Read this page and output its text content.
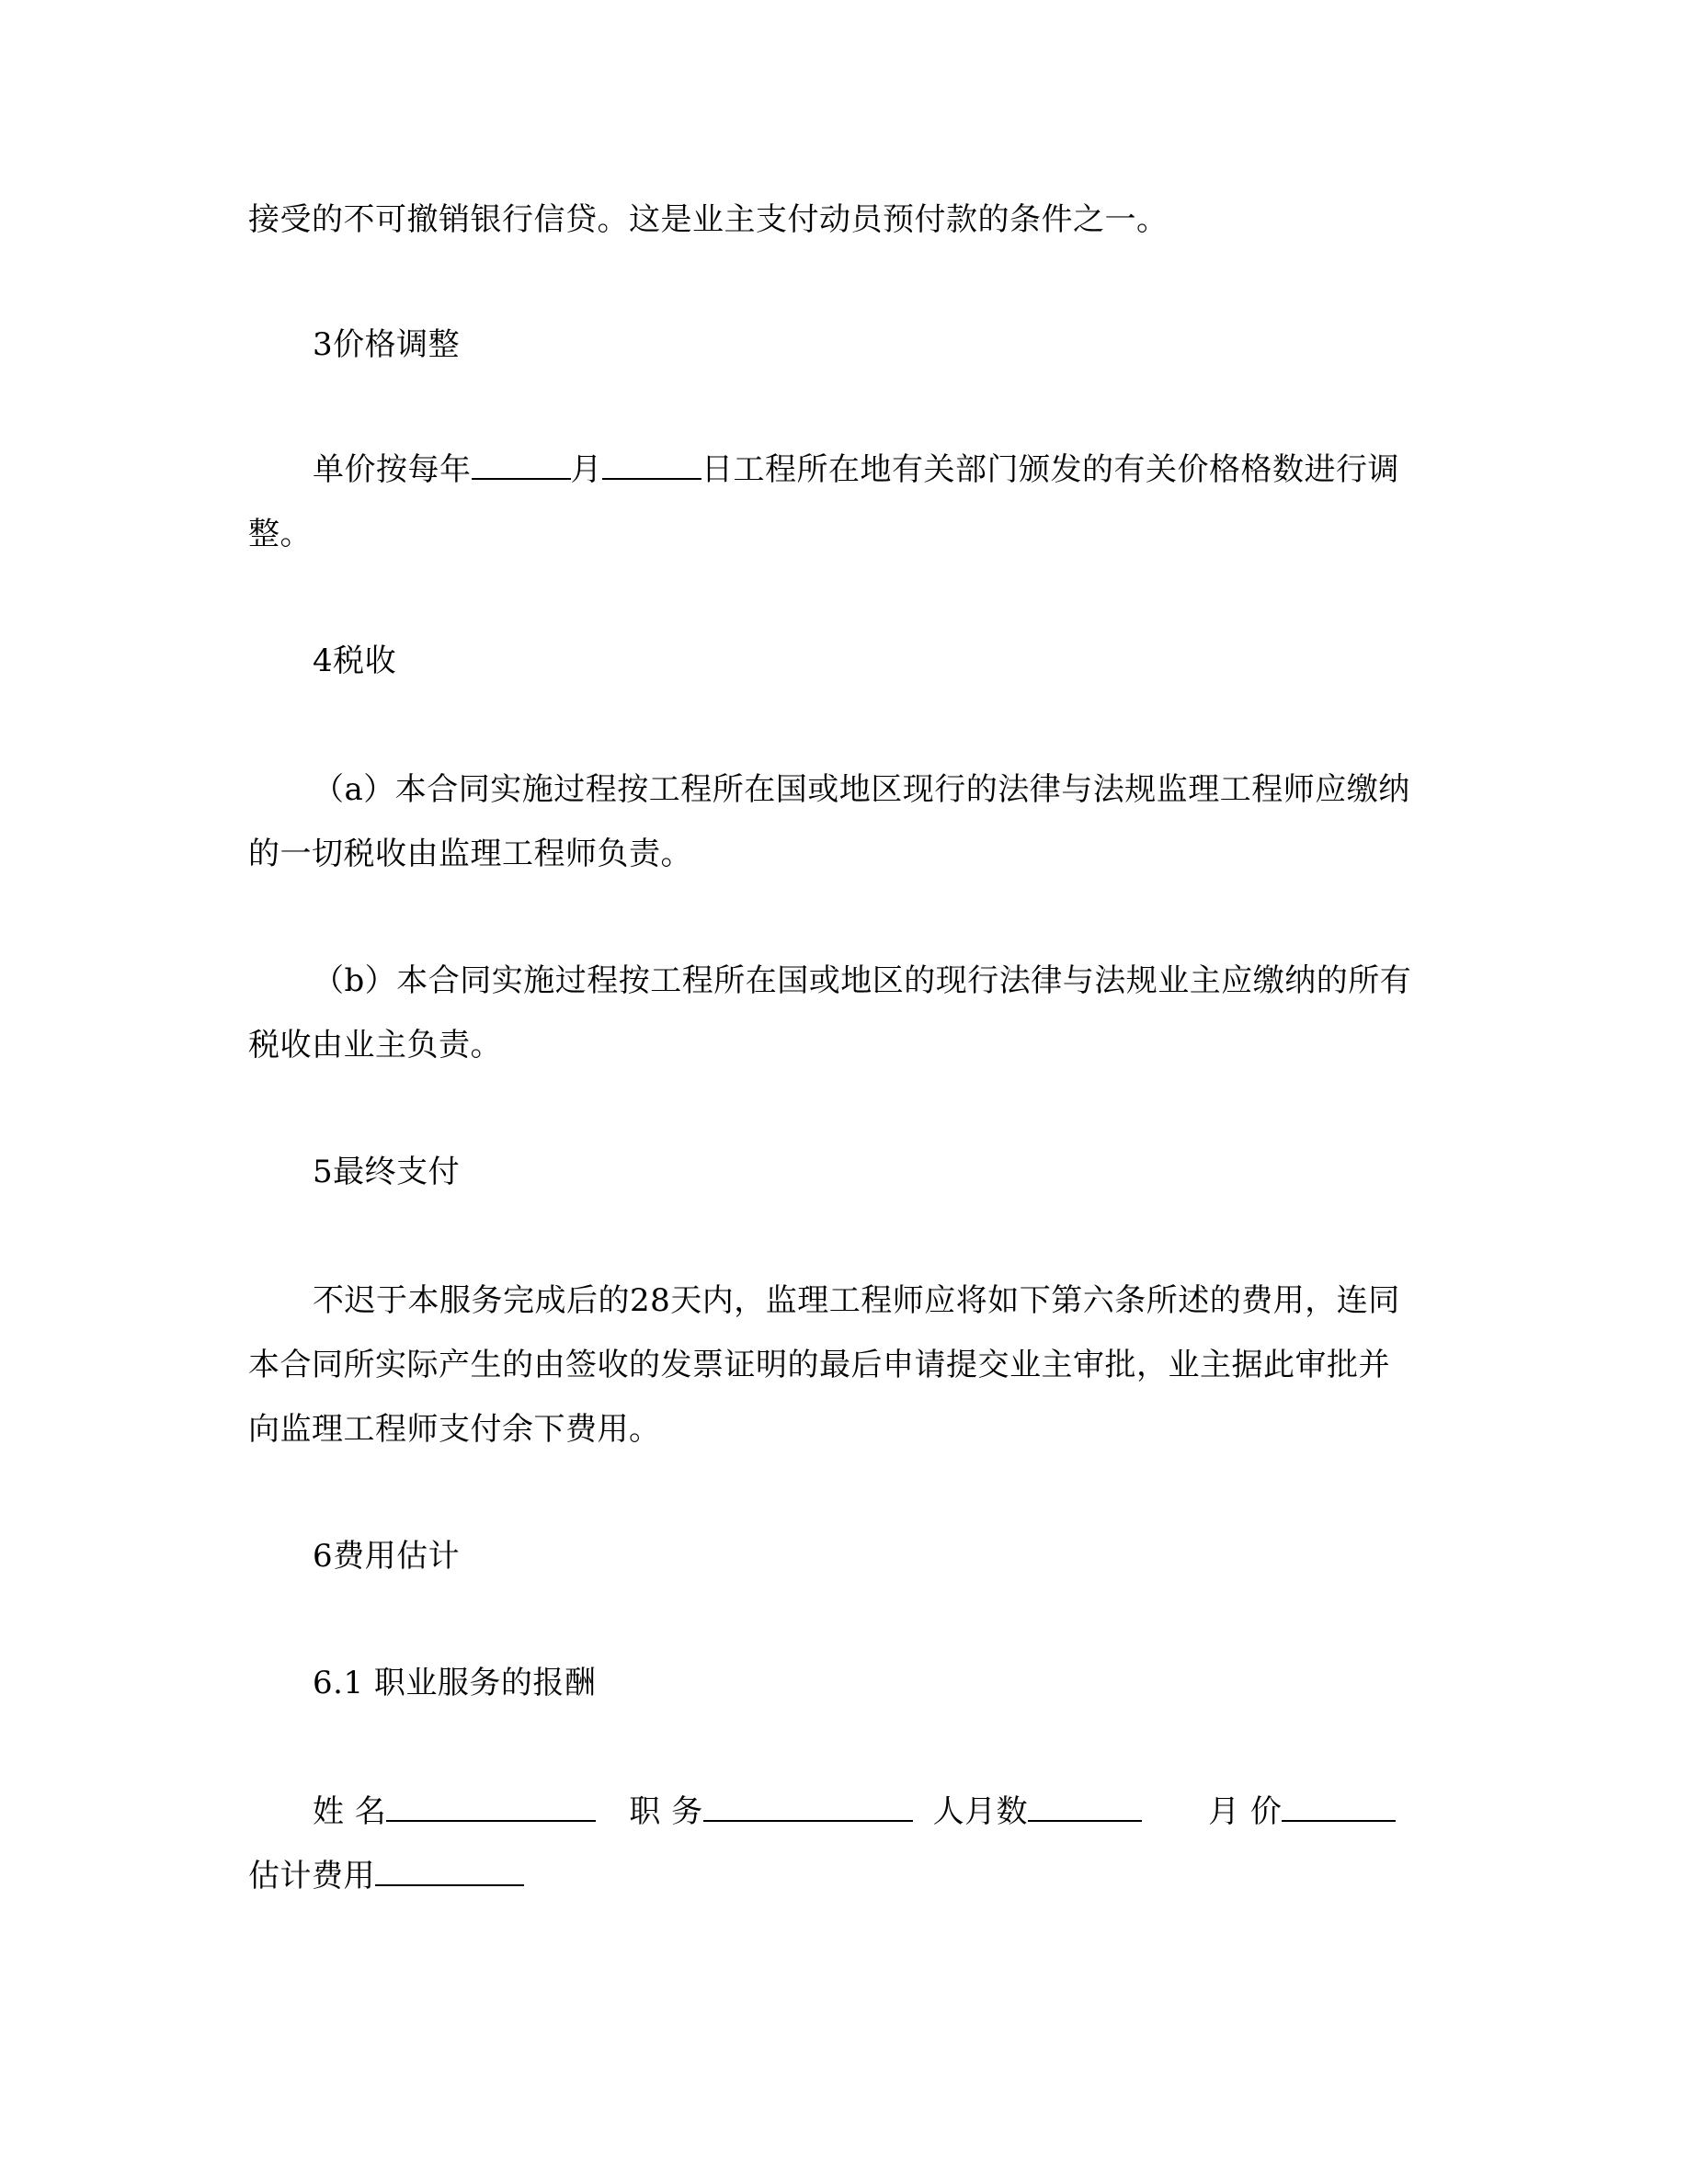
接受的不可撤销银行信贷。这是业主支付动员预付款的条件之一。
3价格调整
单价按每年	月	日工程所在地有关部门颁发的有关价格格数进行调
整。
4税收
（a）本合同实施过程按工程所在国或地区现行的法律与法规监理工程师应缴纳
的一切税收由监理工程师负责。
（b）本合同实施过程按工程所在国或地区的现行法律与法规业主应缴纳的所有
税收由业主负责。
5最终支付
不迟于本服务完成后的28天内，监理工程师应将如下第六条所述的费用，连同
本合同所实际产生的由签收的发票证明的最后申请提交业主审批，业主据此审批并
向监理工程师支付余下费用。
6费用估计
6.1 职业服务的报酬
姓 名	职 务	人月数	月 价
估计费用
